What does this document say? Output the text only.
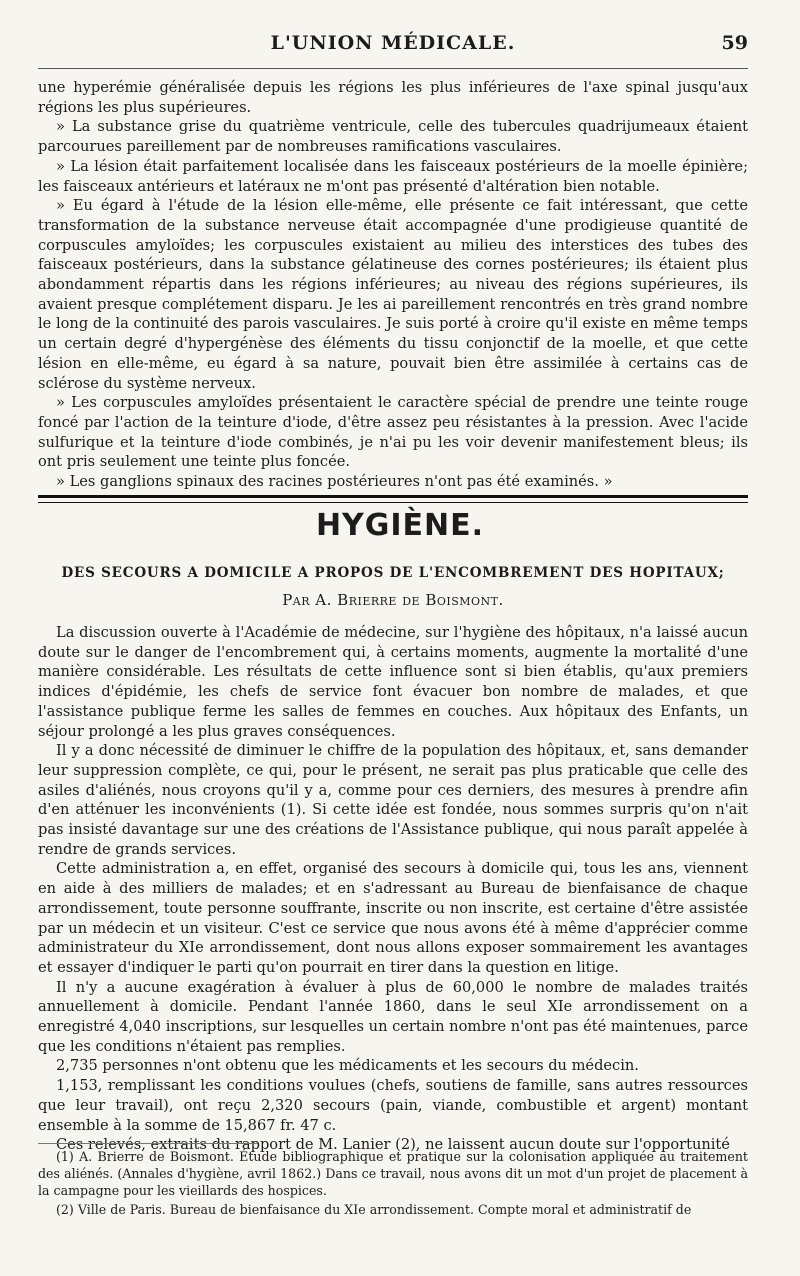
L'UNION MÉDICALE.	59

une hyperémie généralisée depuis les régions les plus inférieures de l'axe spinal jusqu'aux régions les plus supérieures.

» La substance grise du quatrième ventricule, celle des tubercules quadrijumeaux étaient parcourues pareillement par de nombreuses ramifications vasculaires.

» La lésion était parfaitement localisée dans les faisceaux postérieurs de la moelle épinière; les faisceaux antérieurs et latéraux ne m'ont pas présenté d'altération bien notable.

» Eu égard à l'étude de la lésion elle-même, elle présente ce fait intéressant, que cette transformation de la substance nerveuse était accompagnée d'une prodigieuse quantité de corpuscules amyloïdes; les corpuscules existaient au milieu des interstices des tubes des faisceaux postérieurs, dans la substance gélatineuse des cornes postérieures; ils étaient plus abondamment répartis dans les régions inférieures; au niveau des régions supérieures, ils avaient presque complétement disparu. Je les ai pareillement rencontrés en très grand nombre le long de la continuité des parois vasculaires. Je suis porté à croire qu'il existe en même temps un certain degré d'hypergénèse des éléments du tissu conjonctif de la moelle, et que cette lésion en elle-même, eu égard à sa nature, pouvait bien être assimilée à certains cas de sclérose du système nerveux.

» Les corpuscules amyloïdes présentaient le caractère spécial de prendre une teinte rouge foncé par l'action de la teinture d'iode, d'être assez peu résistantes à la pression. Avec l'acide sulfurique et la teinture d'iode combinés, je n'ai pu les voir devenir manifestement bleus; ils ont pris seulement une teinte plus foncée.

» Les ganglions spinaux des racines postérieures n'ont pas été examinés. »

HYGIÈNE.
DES SECOURS A DOMICILE A PROPOS DE L'ENCOMBREMENT DES HOPITAUX;
Par A. Brierre de Boismont.

La discussion ouverte à l'Académie de médecine, sur l'hygiène des hôpitaux, n'a laissé aucun doute sur le danger de l'encombrement qui, à certains moments, augmente la mortalité d'une manière considérable. Les résultats de cette influence sont si bien établis, qu'aux premiers indices d'épidémie, les chefs de service font évacuer bon nombre de malades, et que l'assistance publique ferme les salles de femmes en couches. Aux hôpitaux des Enfants, un séjour prolongé a les plus graves conséquences.

Il y a donc nécessité de diminuer le chiffre de la population des hôpitaux, et, sans demander leur suppression complète, ce qui, pour le présent, ne serait pas plus praticable que celle des asiles d'aliénés, nous croyons qu'il y a, comme pour ces derniers, des mesures à prendre afin d'en atténuer les inconvénients (1). Si cette idée est fondée, nous sommes surpris qu'on n'ait pas insisté davantage sur une des créations de l'Assistance publique, qui nous paraît appelée à rendre de grands services.

Cette administration a, en effet, organisé des secours à domicile qui, tous les ans, viennent en aide à des milliers de malades; et en s'adressant au Bureau de bienfaisance de chaque arrondissement, toute personne souffrante, inscrite ou non inscrite, est certaine d'être assistée par un médecin et un visiteur. C'est ce service que nous avons été à même d'apprécier comme administrateur du XIe arrondissement, dont nous allons exposer sommairement les avantages et essayer d'indiquer le parti qu'on pourrait en tirer dans la question en litige.

Il n'y a aucune exagération à évaluer à plus de 60,000 le nombre de malades traités annuellement à domicile. Pendant l'année 1860, dans le seul XIe arrondissement on a enregistré 4,040 inscriptions, sur lesquelles un certain nombre n'ont pas été maintenues, parce que les conditions n'étaient pas remplies.

2,735 personnes n'ont obtenu que les médicaments et les secours du médecin.

1,153, remplissant les conditions voulues (chefs, soutiens de famille, sans autres ressources que leur travail), ont reçu 2,320 secours (pain, viande, combustible et argent) montant ensemble à la somme de 15,867 fr. 47 c.

Ces relevés, extraits du rapport de M. Lanier (2), ne laissent aucun doute sur l'opportunité

(1) A. Brierre de Boismont. Étude bibliographique et pratique sur la colonisation appliquée au traitement des aliénés. (Annales d'hygiène, avril 1862.) Dans ce travail, nous avons dit un mot d'un projet de placement à la campagne pour les vieillards des hospices.

(2) Ville de Paris. Bureau de bienfaisance du XIe arrondissement. Compte moral et administratif de
